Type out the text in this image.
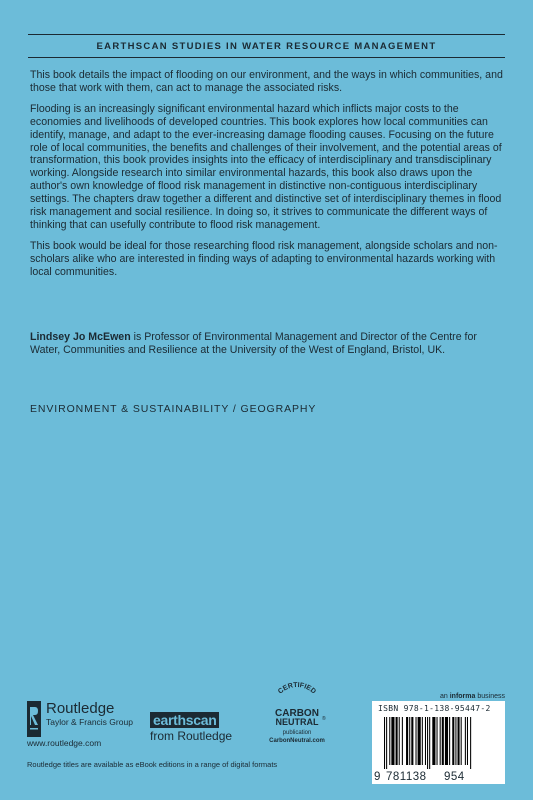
EARTHSCAN STUDIES IN WATER RESOURCE MANAGEMENT

This book details the impact of flooding on our environment, and the ways in which communities, and those that work with them, can act to manage the associated risks.

Flooding is an increasingly significant environmental hazard which inflicts major costs to the economies and livelihoods of developed countries. This book explores how local communities can identify, manage, and adapt to the ever-increasing damage flooding causes. Focusing on the future role of local communities, the benefits and challenges of their involvement, and the potential areas of transformation, this book provides insights into the efficacy of interdisciplinary and transdisciplinary working. Alongside research into similar environmental hazards, this book also draws upon the author's own knowledge of flood risk management in distinctive non-contiguous interdisciplinary settings. The chapters draw together a different and distinctive set of interdisciplinary themes in flood risk management and social resilience. In doing so, it strives to communicate the different ways of thinking that can usefully contribute to flood risk management.

This book would be ideal for those researching flood risk management, alongside scholars and non-scholars alike who are interested in finding ways of adapting to environmental hazards working with local communities.

Lindsey Jo McEwen is Professor of Environmental Management and Director of the Centre for Water, Communities and Resilience at the University of the West of England, Bristol, UK.
ENVIRONMENT & SUSTAINABILITY / GEOGRAPHY
Routledge
Taylor & Francis Group
www.routledge.com
earthscan
from Routledge
CERTIFIED
CARBON
NEUTRAL ®
publication
CarbonNeutral.com
an informa business
ISBN 978-1-138-95447-2
9 781138 954
Routledge titles are available as eBook editions in a range of digital formats
